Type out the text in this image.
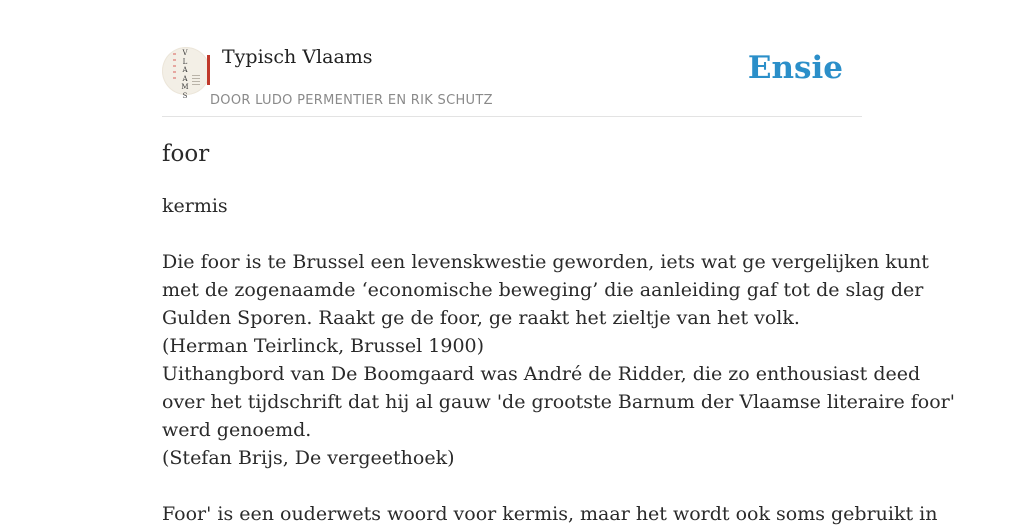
V
L
A
A
M
S
Typisch Vlaams
DOOR LUDO PERMENTIER EN RIK SCHUTZ
Ensie
foor

kermis

Die foor is te Brussel een levenskwestie geworden, iets wat ge vergelijken kunt
met de zogenaamde ‘economische beweging’ die aanleiding gaf tot de slag der
Gulden Sporen. Raakt ge de foor, ge raakt het zieltje van het volk.
(Herman Teirlinck, Brussel 1900)
Uithangbord van De Boomgaard was André de Ridder, die zo enthousiast deed
over het tijdschrift dat hij al gauw 'de grootste Barnum der Vlaamse literaire foor'
werd genoemd.
(Stefan Brijs, De vergeethoek)
Foor' is een ouderwets woord voor kermis, maar het wordt ook soms gebruikt in
